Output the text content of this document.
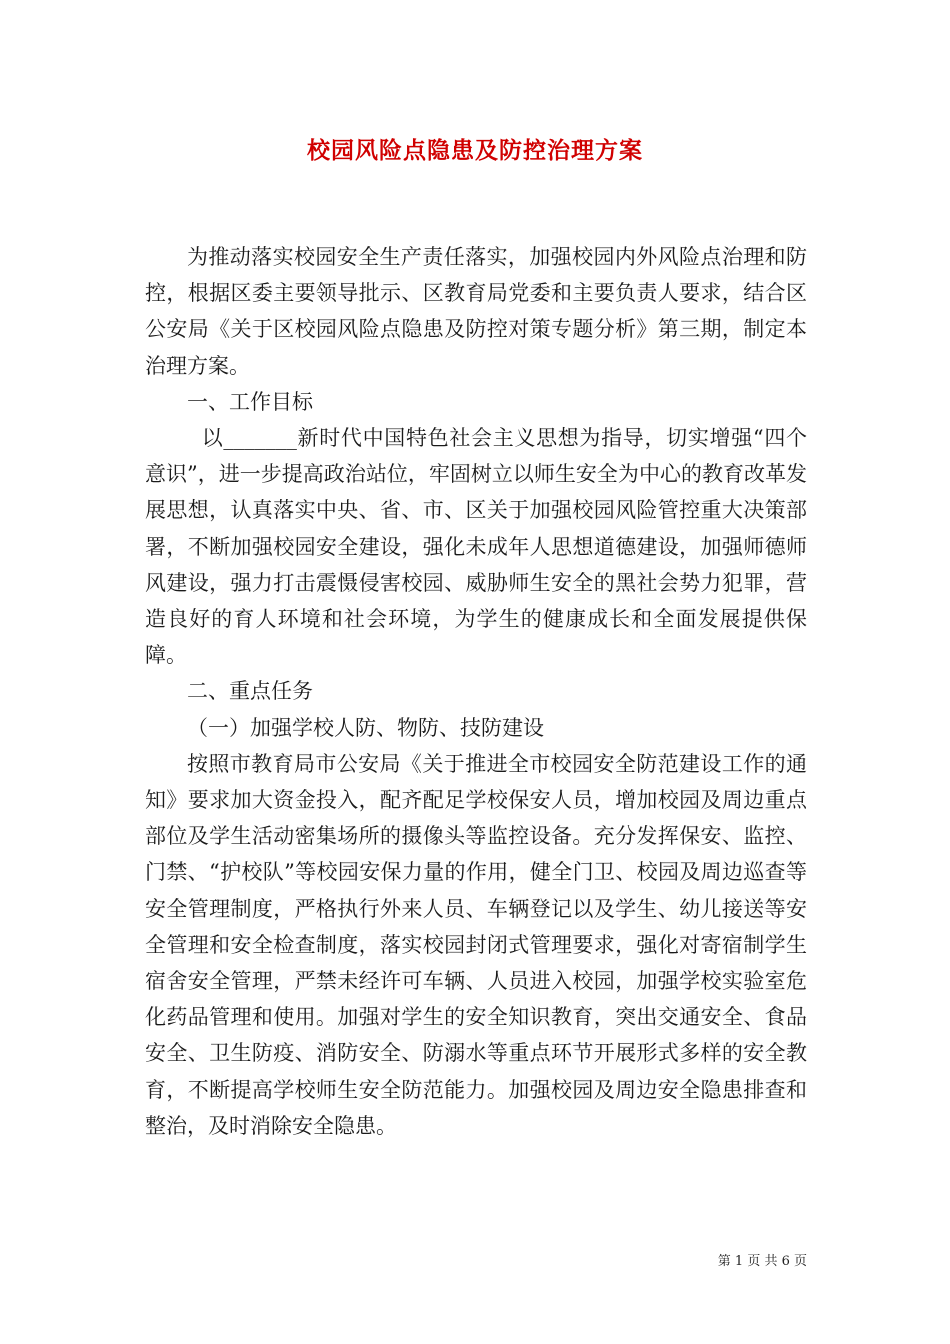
校园风险点隐患及防控治理方案

为推动落实校园安全生产责任落实，加强校园内外风险点治理和防控，根据区委主要领导批示、区教育局党委和主要负责人要求，结合区公安局《关于区校园风险点隐患及防控对策专题分析》第三期，制定本治理方案。

一、工作目标

以_______新时代中国特色社会主义思想为指导，切实增强“四个意识”，进一步提高政治站位，牢固树立以师生安全为中心的教育改革发展思想，认真落实中央、省、市、区关于加强校园风险管控重大决策部署，不断加强校园安全建设，强化未成年人思想道德建设，加强师德师风建设，强力打击震慑侵害校园、威胁师生安全的黑社会势力犯罪，营造良好的育人环境和社会环境，为学生的健康成长和全面发展提供保障。

二、重点任务

（一）加强学校人防、物防、技防建设

按照市教育局市公安局《关于推进全市校园安全防范建设工作的通知》要求加大资金投入，配齐配足学校保安人员，增加校园及周边重点部位及学生活动密集场所的摄像头等监控设备。充分发挥保安、监控、门禁、“护校队”等校园安保力量的作用，健全门卫、校园及周边巡查等安全管理制度，严格执行外来人员、车辆登记以及学生、幼儿接送等安全管理和安全检查制度，落实校园封闭式管理要求，强化对寄宿制学生宿舍安全管理，严禁未经许可车辆、人员进入校园，加强学校实验室危化药品管理和使用。加强对学生的安全知识教育，突出交通安全、食品安全、卫生防疫、消防安全、防溺水等重点环节开展形式多样的安全教育，不断提高学校师生安全防范能力。加强校园及周边安全隐患排查和整治，及时消除安全隐患。

第 1 页 共 6 页
